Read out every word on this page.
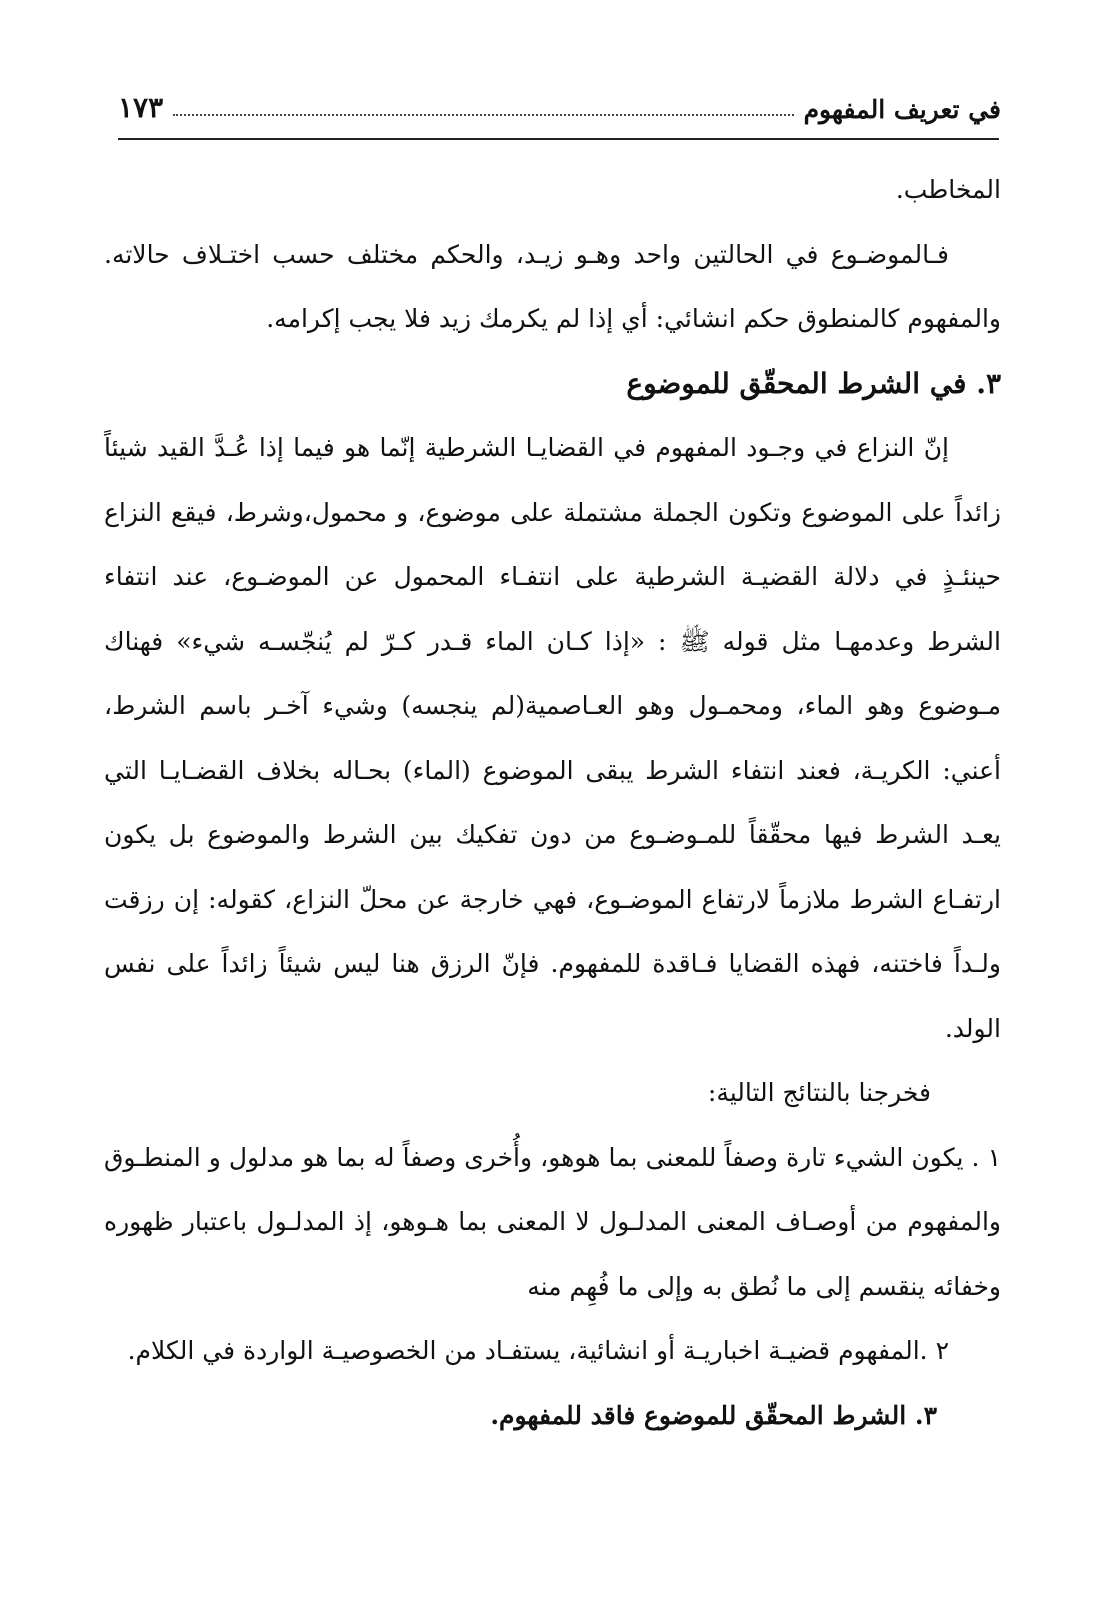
في تعريف المفهوم
١٧٣

المخاطب.

فـالموضـوع في الحالتين واحد وهـو زيـد، والحكم مختلف حسب اختـلاف حالاته. والمفهوم كالمنطوق حكم انشائي: أي إذا لم يكرمك زيد فلا يجب إكرامه.

٣. في الشرط المحقّق للموضوع

إنّ النزاع في وجـود المفهوم في القضايـا الشرطية إنّما هو فيما إذا عُـدَّ القيد شيئاً زائداً على الموضوع وتكون الجملة مشتملة على موضوع، و محمول،وشرط، فيقع النزاع حينئـذٍ في دلالة القضيـة الشرطية على انتفـاء المحمول عن الموضـوع، عند انتفاء الشرط وعدمهـا مثل قوله ﷺ : «إذا كـان الماء قـدر كـرّ لم يُنجّسـه شيء» فهناك مـوضوع وهو الماء، ومحمـول وهو العـاصمية(لم ينجسه) وشيء آخـر باسم الشرط، أعني: الكريـة، فعند انتفاء الشرط يبقى الموضوع (الماء) بحـاله بخلاف القضـايـا التي يعـد الشرط فيها محقّقاً للمـوضـوع من دون تفكيك بين الشرط والموضوع بل يكون ارتفـاع الشرط ملازماً لارتفاع الموضـوع، فهي خارجة عن محلّ النزاع، كقوله: إن رزقت ولـداً فاختنه، فهذه القضايا فـاقدة للمفهوم. فإنّ الرزق هنا ليس شيئاً زائداً على نفس الولد.

فخرجنا بالنتائج التالية:

١ . يكون الشيء تارة وصفاً للمعنى بما هوهو، وأُخرى وصفاً له بما هو مدلول و المنطـوق والمفهوم من أوصـاف المعنى المدلـول لا المعنى بما هـوهو، إذ المدلـول باعتبار ظهوره وخفائه ينقسم إلى ما نُطق به وإلى ما فُهِم منه

٢ .المفهوم قضيـة اخباريـة أو انشائية، يستفـاد من الخصوصيـة الواردة في الكلام.

٣. الشرط المحقّق للموضوع فاقد للمفهوم.
